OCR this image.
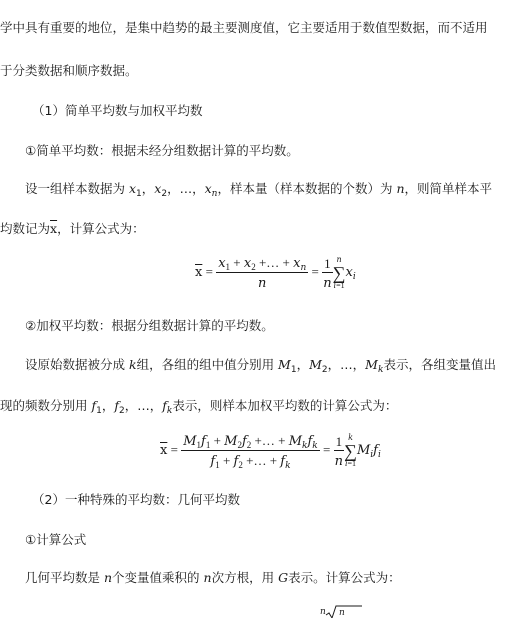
学中具有重要的地位，是集中趋势的最主要测度值，它主要适用于数值型数据，而不适用
于分类数据和顺序数据。
（1）简单平均数与加权平均数
①简单平均数：根据未经分组数据计算的平均数。
设一组样本数据为 $x_1$，$x_2$，…，$x_n$，样本量（样本数据的个数）为 n，则简单样本平
均数记为$\overline{x}$，计算公式为：
$\overline{x} = \frac{x_1 + x_2 +\dots + x_n}{n} = \frac{1}{n}$ n
∑
i=1
$x_i$
②加权平均数：根据分组数据计算的平均数。
设原始数据被分成 k组，各组的组中值分别用 $M_1$，$M_2$，…，$M_k$表示，各组变量值出
现的频数分别用 $f_1$，$f_2$，…，$f_k$表示，则样本加权平均数的计算公式为：
$\overline{x} = \frac{M_1f_1 + M_2f_2 +\dots + M_kf_k}{f_1 + f_2 +\dots + f_k} = \frac{1}{n}$ k
∑
i=1
$M_if_i$
（2）一种特殊的平均数：几何平均数
①计算公式
几何平均数是 n个变量值乘积的 n次方根，用 G表示。计算公式为：
n n
